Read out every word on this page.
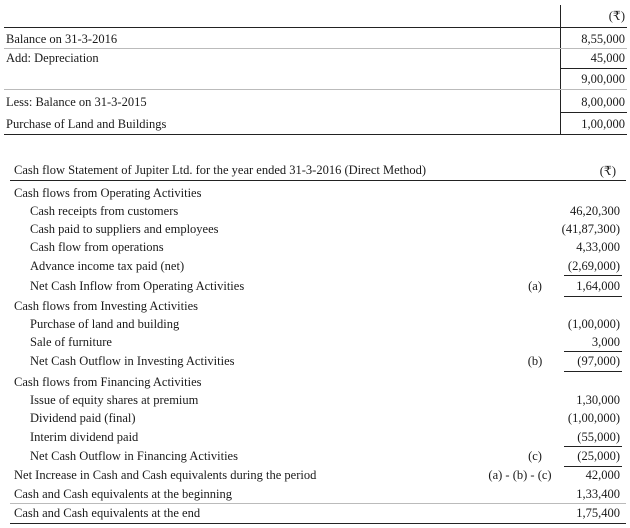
(₹)
Balance on 31-3-2016	8,55,000
Add: Depreciation	45,000
9,00,000
Less: Balance on 31-3-2015	8,00,000
Purchase of Land and Buildings	1,00,000
Cash flow Statement of Jupiter Ltd. for the year ended 31-3-2016 (Direct Method)	(₹)
Cash flows from Operating Activities
Cash receipts from customers	46,20,300
Cash paid to suppliers and employees	(41,87,300)
Cash flow from operations	4,33,000
Advance income tax paid (net)	(2,69,000)
Net Cash Inflow from Operating Activities	(a)	1,64,000
Cash flows from Investing Activities
Purchase of land and building	(1,00,000)
Sale of furniture	3,000
Net Cash Outflow in Investing Activities	(b)	(97,000)
Cash flows from Financing Activities
Issue of equity shares at premium	1,30,000
Dividend paid (final)	(1,00,000)
Interim dividend paid	(55,000)
Net Cash Outflow in Financing Activities	(c)	(25,000)
Net Increase in Cash and Cash equivalents during the period	(a) - (b) - (c)	42,000
Cash and Cash equivalents at the beginning	1,33,400
Cash and Cash equivalents at the end	1,75,400
